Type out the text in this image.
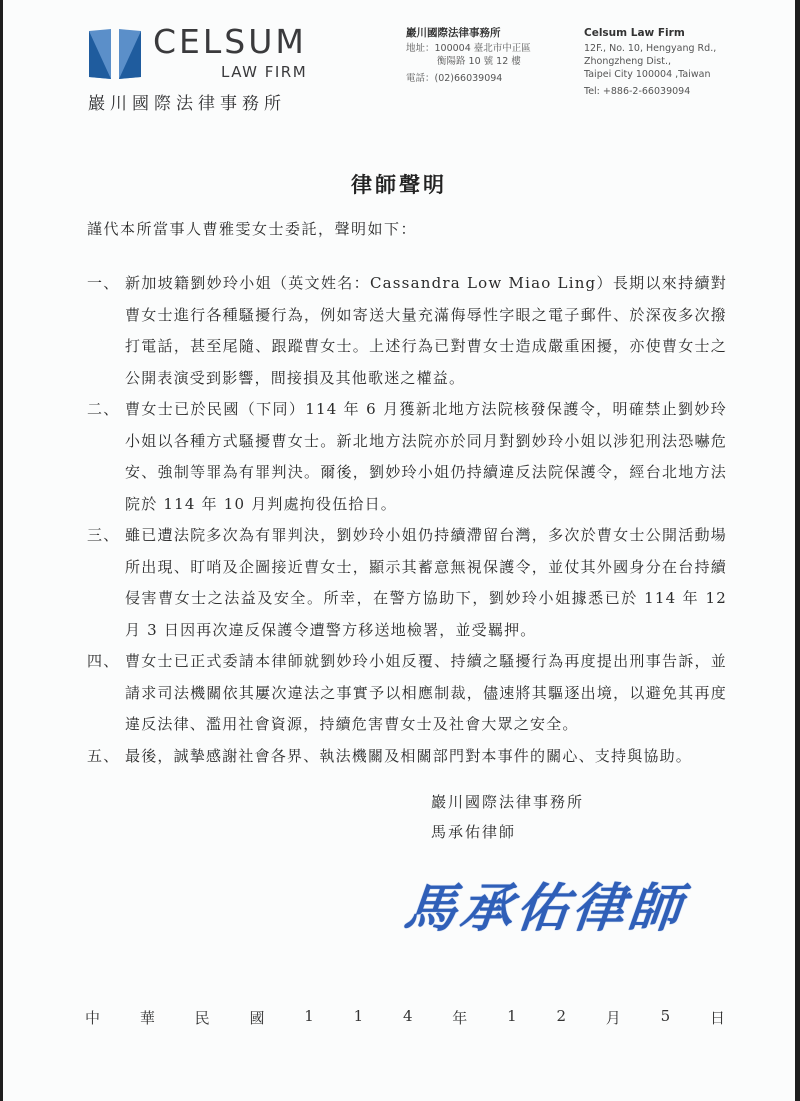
CELSUM
LAW FIRM
巖川國際法律事務所
巖川國際法律事務所
地址：100004 臺北市中正區
衡陽路 10 號 12 樓
電話：(02)66039094
Celsum Law Firm
12F., No. 10, Hengyang Rd.,
Zhongzheng Dist.,
Taipei City 100004 ,Taiwan
Tel: +886-2-66039094
律師聲明
謹代本所當事人曹雅雯女士委託，聲明如下：
一、 新加坡籍劉妙玲小姐（英文姓名：Cassandra Low Miao Ling）長期以來持續對曹女士進行各種騷擾行為，例如寄送大量充滿侮辱性字眼之電子郵件、於深夜多次撥打電話，甚至尾隨、跟蹤曹女士。上述行為已對曹女士造成嚴重困擾，亦使曹女士之公開表演受到影響，間接損及其他歌迷之權益。
二、 曹女士已於民國（下同）114 年 6 月獲新北地方法院核發保護令，明確禁止劉妙玲小姐以各種方式騷擾曹女士。新北地方法院亦於同月對劉妙玲小姐以涉犯刑法恐嚇危安、強制等罪為有罪判決。爾後，劉妙玲小姐仍持續違反法院保護令，經台北地方法院於 114 年 10 月判處拘役伍拾日。
三、 雖已遭法院多次為有罪判決，劉妙玲小姐仍持續滯留台灣，多次於曹女士公開活動場所出現、盯哨及企圖接近曹女士，顯示其蓄意無視保護令，並仗其外國身分在台持續侵害曹女士之法益及安全。所幸，在警方協助下，劉妙玲小姐據悉已於 114 年 12 月 3 日因再次違反保護令遭警方移送地檢署，並受羈押。
四、 曹女士已正式委請本律師就劉妙玲小姐反覆、持續之騷擾行為再度提出刑事告訴，並請求司法機關依其屢次違法之事實予以相應制裁，儘速將其驅逐出境，以避免其再度違反法律、濫用社會資源，持續危害曹女士及社會大眾之安全。
五、 最後，誠摯感謝社會各界、執法機關及相關部門對本事件的關心、支持與協助。
巖川國際法律事務所
馬承佑律師
馬承佑律師
中	華	民	國	1	1	4	年	1	2	月	5	日
